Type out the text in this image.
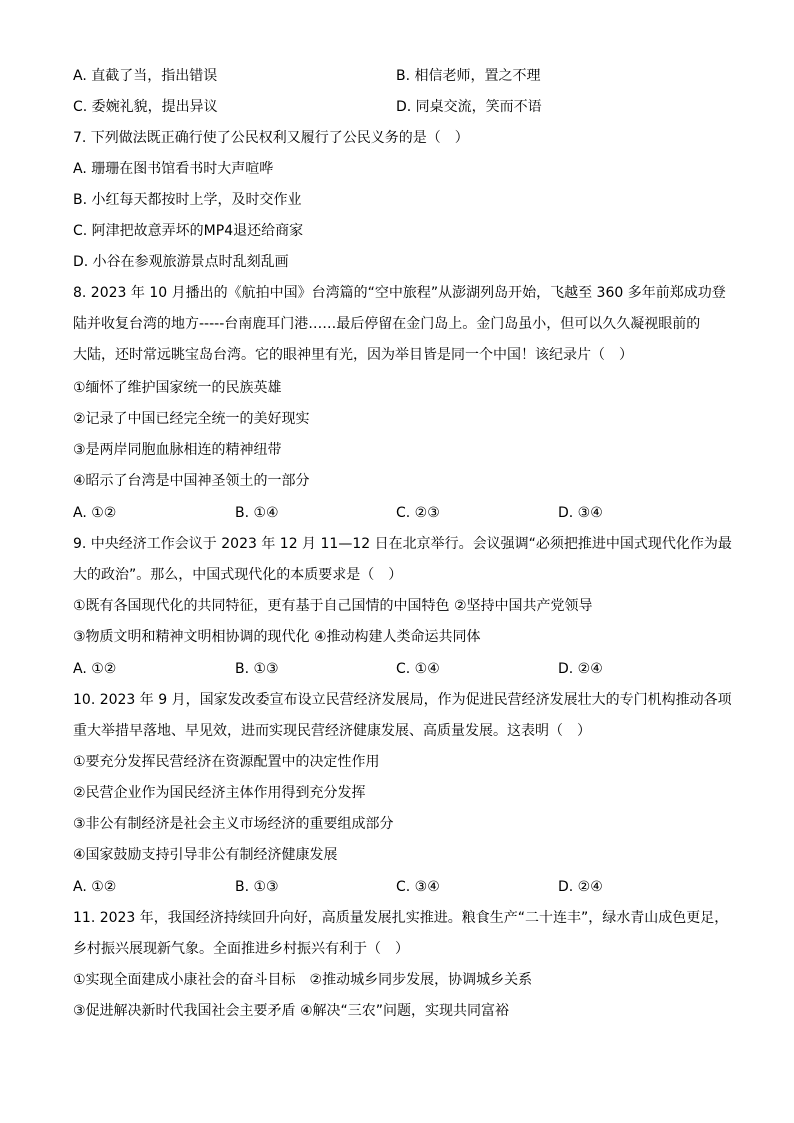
A. 直截了当，指出错误	B. 相信老师，置之不理
C. 委婉礼貌，提出异议	D. 同桌交流，笑而不语
7. 下列做法既正确行使了公民权利又履行了公民义务的是（　）
A. 珊珊在图书馆看书时大声喧哗
B. 小红每天都按时上学，及时交作业
C. 阿津把故意弄坏的MP4退还给商家
D. 小谷在参观旅游景点时乱刻乱画
8. 2023 年 10 月播出的《航拍中国》台湾篇的“空中旅程”从澎湖列岛开始，飞越至 360 多年前郑成功登
陆并收复台湾的地方-----台南鹿耳门港……最后停留在金门岛上。金门岛虽小，但可以久久凝视眼前的
大陆，还时常远眺宝岛台湾。它的眼神里有光，因为举目皆是同一个中国！该纪录片（　）
①缅怀了维护国家统一的民族英雄
②记录了中国已经完全统一的美好现实
③是两岸同胞血脉相连的精神纽带
④昭示了台湾是中国神圣领土的一部分
A. ①②	B. ①④	C. ②③	D. ③④
9. 中央经济工作会议于 2023 年 12 月 11—12 日在北京举行。会议强调“必须把推进中国式现代化作为最
大的政治”。那么，中国式现代化的本质要求是（　）
①既有各国现代化的共同特征，更有基于自己国情的中国特色 ②坚持中国共产党领导
③物质文明和精神文明相协调的现代化 ④推动构建人类命运共同体
A. ①②	B. ①③	C. ①④	D. ②④
10. 2023 年 9 月，国家发改委宣布设立民营经济发展局，作为促进民营经济发展壮大的专门机构推动各项
重大举措早落地、早见效，进而实现民营经济健康发展、高质量发展。这表明（　）
①要充分发挥民营经济在资源配置中的决定性作用
②民营企业作为国民经济主体作用得到充分发挥
③非公有制经济是社会主义市场经济的重要组成部分
④国家鼓励支持引导非公有制经济健康发展
A. ①②	B. ①③	C. ③④	D. ②④
11. 2023 年，我国经济持续回升向好，高质量发展扎实推进。粮食生产“二十连丰”，绿水青山成色更足，
乡村振兴展现新气象。全面推进乡村振兴有利于（　）
①实现全面建成小康社会的奋斗目标　②推动城乡同步发展，协调城乡关系
③促进解决新时代我国社会主要矛盾 ④解决“三农”问题，实现共同富裕
